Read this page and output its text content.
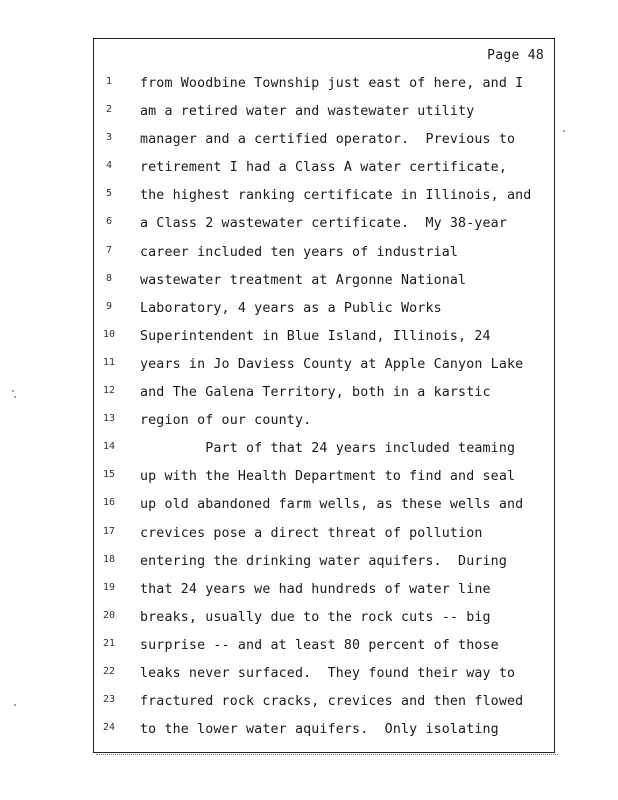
Page 48
1	from Woodbine Township just east of here, and I
2	am a retired water and wastewater utility
3	manager and a certified operator.  Previous to
4	retirement I had a Class A water certificate,
5	the highest ranking certificate in Illinois, and
6	a Class 2 wastewater certificate.  My 38-year
7	career included ten years of industrial
8	wastewater treatment at Argonne National
9	Laboratory, 4 years as a Public Works
10	Superintendent in Blue Island, Illinois, 24
11	years in Jo Daviess County at Apple Canyon Lake
12	and The Galena Territory, both in a karstic
13	region of our county.
14	Part of that 24 years included teaming
15	up with the Health Department to find and seal
16	up old abandoned farm wells, as these wells and
17	crevices pose a direct threat of pollution
18	entering the drinking water aquifers.  During
19	that 24 years we had hundreds of water line
20	breaks, usually due to the rock cuts -- big
21	surprise -- and at least 80 percent of those
22	leaks never surfaced.  They found their way to
23	fractured rock cracks, crevices and then flowed
24	to the lower water aquifers.  Only isolating
